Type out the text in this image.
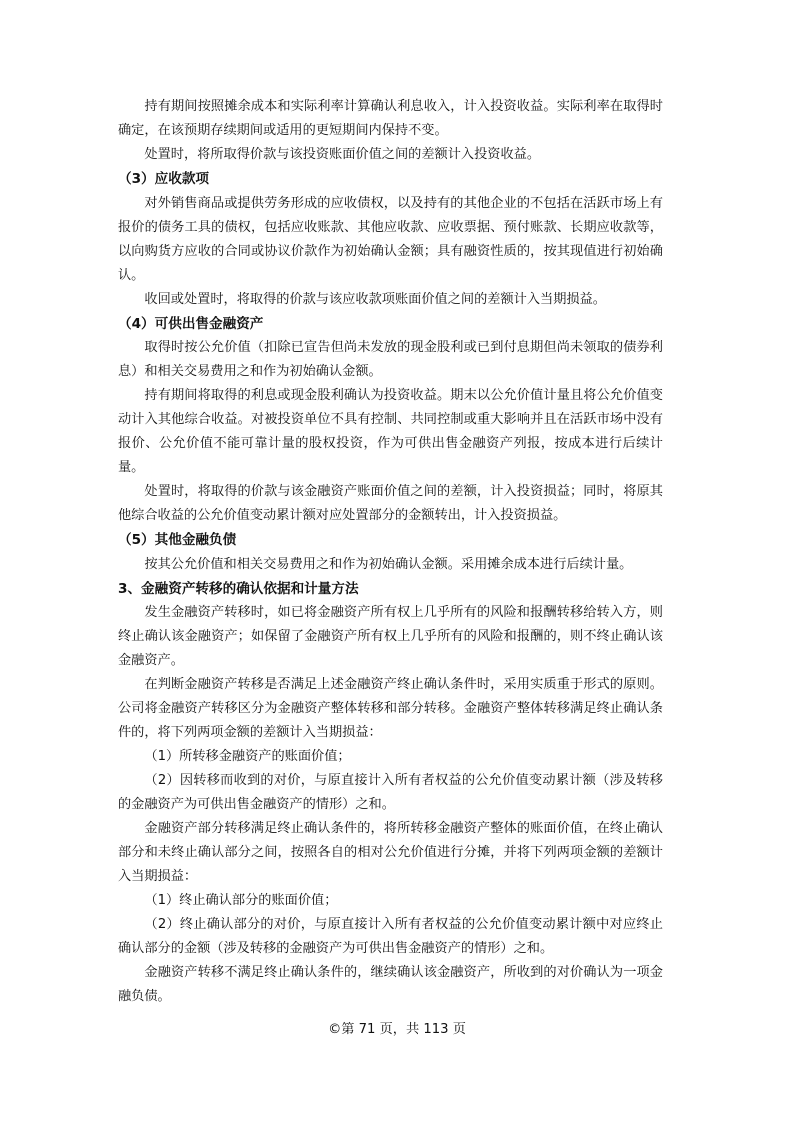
持有期间按照摊余成本和实际利率计算确认利息收入，计入投资收益。实际利率在取得时确定，在该预期存续期间或适用的更短期间内保持不变。

处置时，将所取得价款与该投资账面价值之间的差额计入投资收益。

（3）应收款项

对外销售商品或提供劳务形成的应收债权，以及持有的其他企业的不包括在活跃市场上有报价的债务工具的债权，包括应收账款、其他应收款、应收票据、预付账款、长期应收款等，以向购货方应收的合同或协议价款作为初始确认金额；具有融资性质的，按其现值进行初始确认。

收回或处置时，将取得的价款与该应收款项账面价值之间的差额计入当期损益。

（4）可供出售金融资产

取得时按公允价值（扣除已宣告但尚未发放的现金股利或已到付息期但尚未领取的债券利息）和相关交易费用之和作为初始确认金额。

持有期间将取得的利息或现金股利确认为投资收益。期末以公允价值计量且将公允价值变动计入其他综合收益。对被投资单位不具有控制、共同控制或重大影响并且在活跃市场中没有报价、公允价值不能可靠计量的股权投资，作为可供出售金融资产列报，按成本进行后续计量。

处置时，将取得的价款与该金融资产账面价值之间的差额，计入投资损益；同时，将原其他综合收益的公允价值变动累计额对应处置部分的金额转出，计入投资损益。

（5）其他金融负债

按其公允价值和相关交易费用之和作为初始确认金额。采用摊余成本进行后续计量。

3、金融资产转移的确认依据和计量方法

发生金融资产转移时，如已将金融资产所有权上几乎所有的风险和报酬转移给转入方，则终止确认该金融资产；如保留了金融资产所有权上几乎所有的风险和报酬的，则不终止确认该金融资产。

在判断金融资产转移是否满足上述金融资产终止确认条件时，采用实质重于形式的原则。公司将金融资产转移区分为金融资产整体转移和部分转移。金融资产整体转移满足终止确认条件的，将下列两项金额的差额计入当期损益：

（1）所转移金融资产的账面价值；

（2）因转移而收到的对价，与原直接计入所有者权益的公允价值变动累计额（涉及转移的金融资产为可供出售金融资产的情形）之和。

金融资产部分转移满足终止确认条件的，将所转移金融资产整体的账面价值，在终止确认部分和未终止确认部分之间，按照各自的相对公允价值进行分摊，并将下列两项金额的差额计入当期损益：

（1）终止确认部分的账面价值；

（2）终止确认部分的对价，与原直接计入所有者权益的公允价值变动累计额中对应终止确认部分的金额（涉及转移的金融资产为可供出售金融资产的情形）之和。

金融资产转移不满足终止确认条件的，继续确认该金融资产，所收到的对价确认为一项金融负债。

©第 71 页，共 113 页
